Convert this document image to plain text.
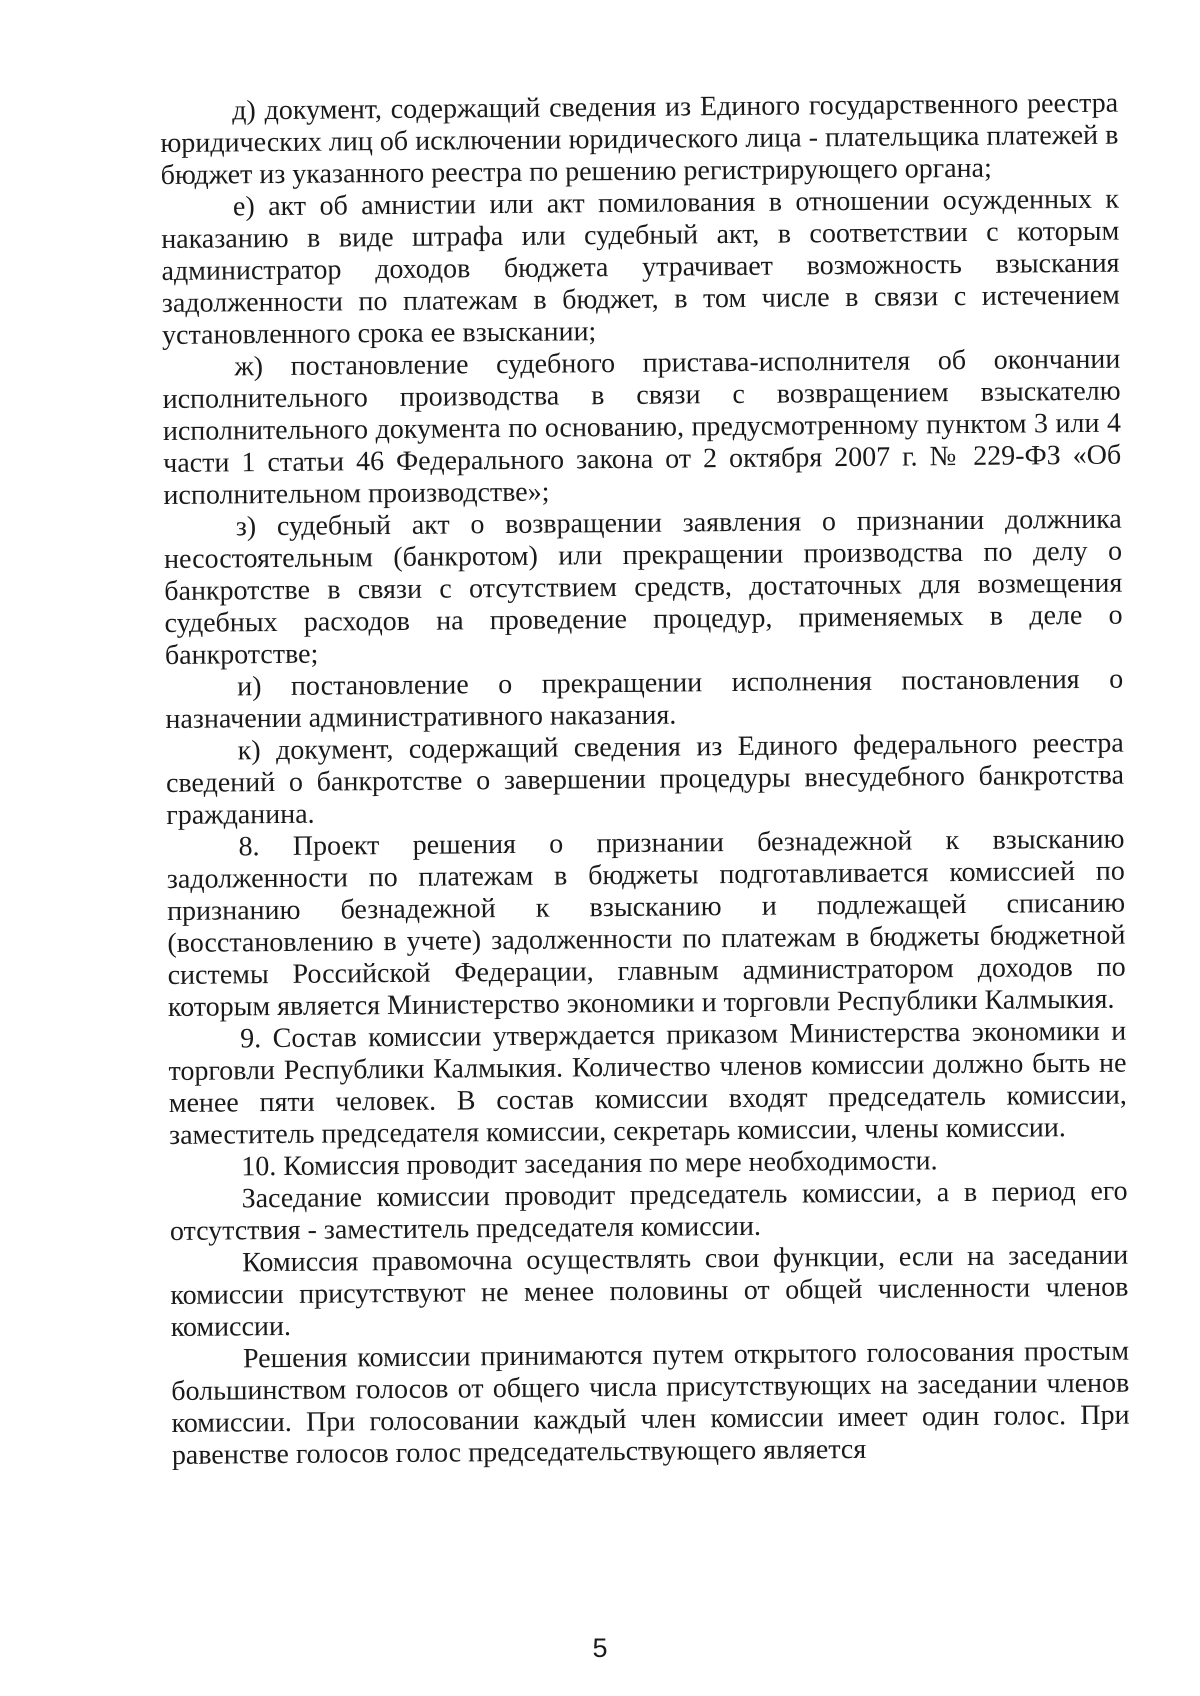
д) документ, содержащий сведения из Единого государственного реестра юридических лиц об исключении юридического лица - плательщика платежей в бюджет из указанного реестра по решению регистрирующего органа;

е) акт об амнистии или акт помилования в отношении осужденных к наказанию в виде штрафа или судебный акт, в соответствии с которым администратор доходов бюджета утрачивает возможность взыскания задолженности по платежам в бюджет, в том числе в связи с истечением установленного срока ее взыскании;

ж) постановление судебного пристава-исполнителя об окончании исполнительного производства в связи с возвращением взыскателю исполнительного документа по основанию, предусмотренному пунктом 3 или 4 части 1 статьи 46 Федерального закона от 2 октября 2007 г. № 229-ФЗ «Об исполнительном производстве»;

з) судебный акт о возвращении заявления о признании должника несостоятельным (банкротом) или прекращении производства по делу о банкротстве в связи с отсутствием средств, достаточных для возмещения судебных расходов на проведение процедур, применяемых в деле о банкротстве;

и) постановление о прекращении исполнения постановления о назначении административного наказания.

к) документ, содержащий сведения из Единого федерального реестра сведений о банкротстве о завершении процедуры внесудебного банкротства гражданина.

8. Проект решения о признании безнадежной к взысканию задолженности по платежам в бюджеты подготавливается комиссией по признанию безнадежной к взысканию и подлежащей списанию (восстановлению в учете) задолженности по платежам в бюджеты бюджетной системы Российской Федерации, главным администратором доходов по которым является Министерство экономики и торговли Республики Калмыкия.

9. Состав комиссии утверждается приказом Министерства экономики и торговли Республики Калмыкия. Количество членов комиссии должно быть не менее пяти человек. В состав комиссии входят председатель комиссии, заместитель председателя комиссии, секретарь комиссии, члены комиссии.

10. Комиссия проводит заседания по мере необходимости.

Заседание комиссии проводит председатель комиссии, а в период его отсутствия - заместитель председателя комиссии.

Комиссия правомочна осуществлять свои функции, если на заседании комиссии присутствуют не менее половины от общей численности членов комиссии.

Решения комиссии принимаются путем открытого голосования простым большинством голосов от общего числа присутствующих на заседании членов комиссии. При голосовании каждый член комиссии имеет один голос. При равенстве голосов голос председательствующего является

5
